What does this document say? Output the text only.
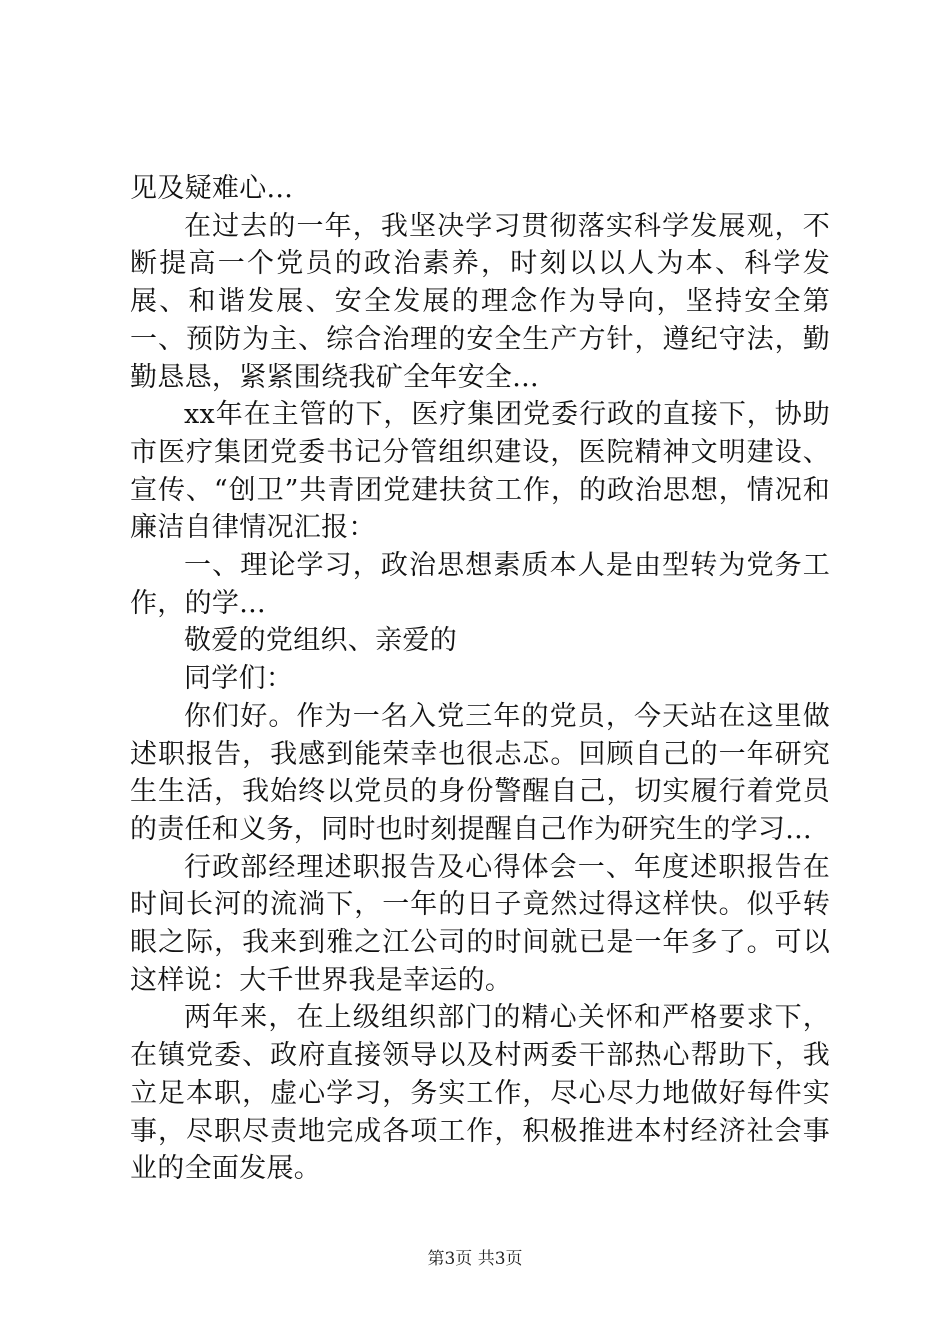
见及疑难心...

在过去的一年，我坚决学习贯彻落实科学发展观，不断提高一个党员的政治素养，时刻以以人为本、科学发展、和谐发展、安全发展的理念作为导向，坚持安全第一、预防为主、综合治理的安全生产方针，遵纪守法，勤勤恳恳，紧紧围绕我矿全年安全...

xx年在主管的下，医疗集团党委行政的直接下，协助市医疗集团党委书记分管组织建设，医院精神文明建设、宣传、“创卫”共青团党建扶贫工作，的政治思想，情况和廉洁自律情况汇报：

一、理论学习，政治思想素质本人是由型转为党务工作，的学...

敬爱的党组织、亲爱的

同学们：

你们好。作为一名入党三年的党员，今天站在这里做述职报告，我感到能荣幸也很忐忑。回顾自己的一年研究生生活，我始终以党员的身份警醒自己，切实履行着党员的责任和义务，同时也时刻提醒自己作为研究生的学习...

行政部经理述职报告及心得体会一、年度述职报告在时间长河的流淌下，一年的日子竟然过得这样快。似乎转眼之际，我来到雅之江公司的时间就已是一年多了。可以这样说：大千世界我是幸运的。

两年来，在上级组织部门的精心关怀和严格要求下，在镇党委、政府直接领导以及村两委干部热心帮助下，我立足本职，虚心学习，务实工作，尽心尽力地做好每件实事，尽职尽责地完成各项工作，积极推进本村经济社会事业的全面发展。

第3页 共3页
